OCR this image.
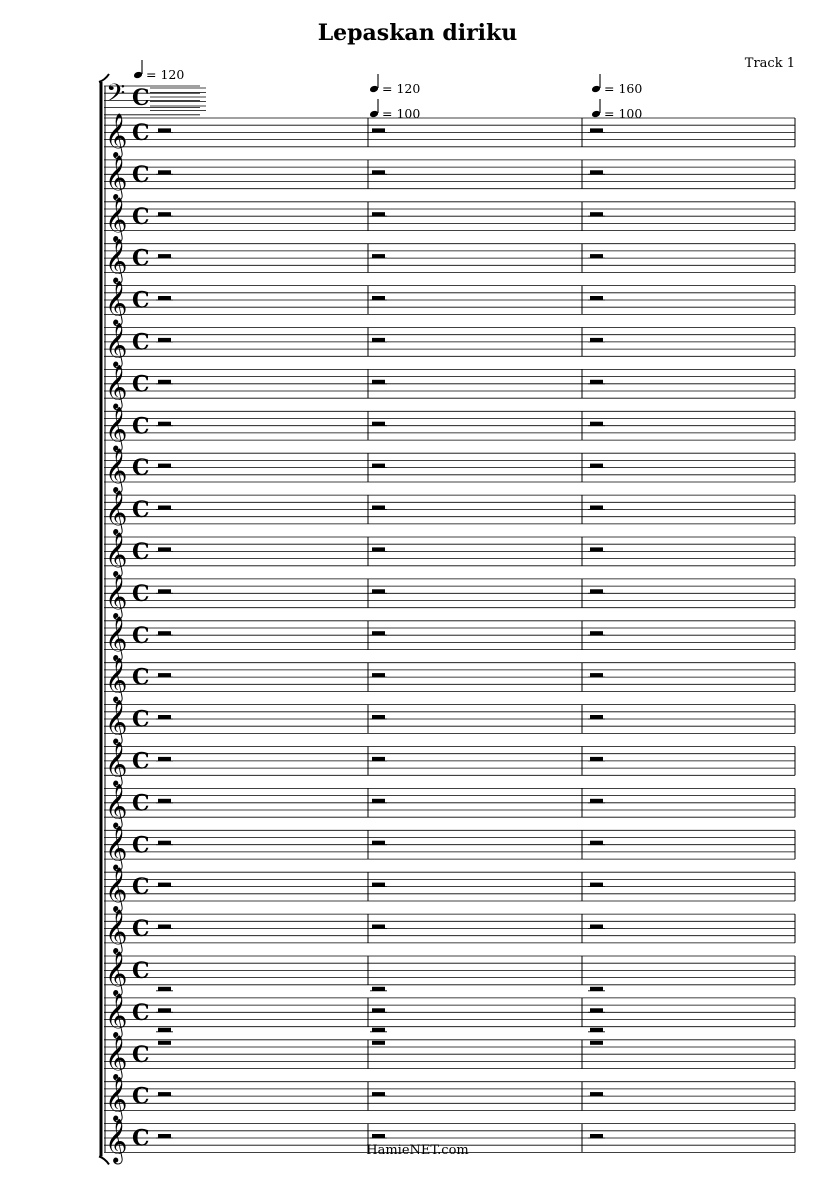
Lepaskan diriku
Track 1
𝄢 C
= 120
= 120
= 100
= 160
= 100
𝄞 C
𝄞 C
𝄞 C
𝄞 C
𝄞 C
𝄞 C
𝄞 C
𝄞 C
𝄞 C
𝄞 C
𝄞 C
𝄞 C
𝄞 C
𝄞 C
𝄞 C
𝄞 C
𝄞 C
𝄞 C
𝄞 C
𝄞 C
𝄞 C
𝄞 C
𝄞 C
𝄞 C
𝄞 C	HamieNET.com
